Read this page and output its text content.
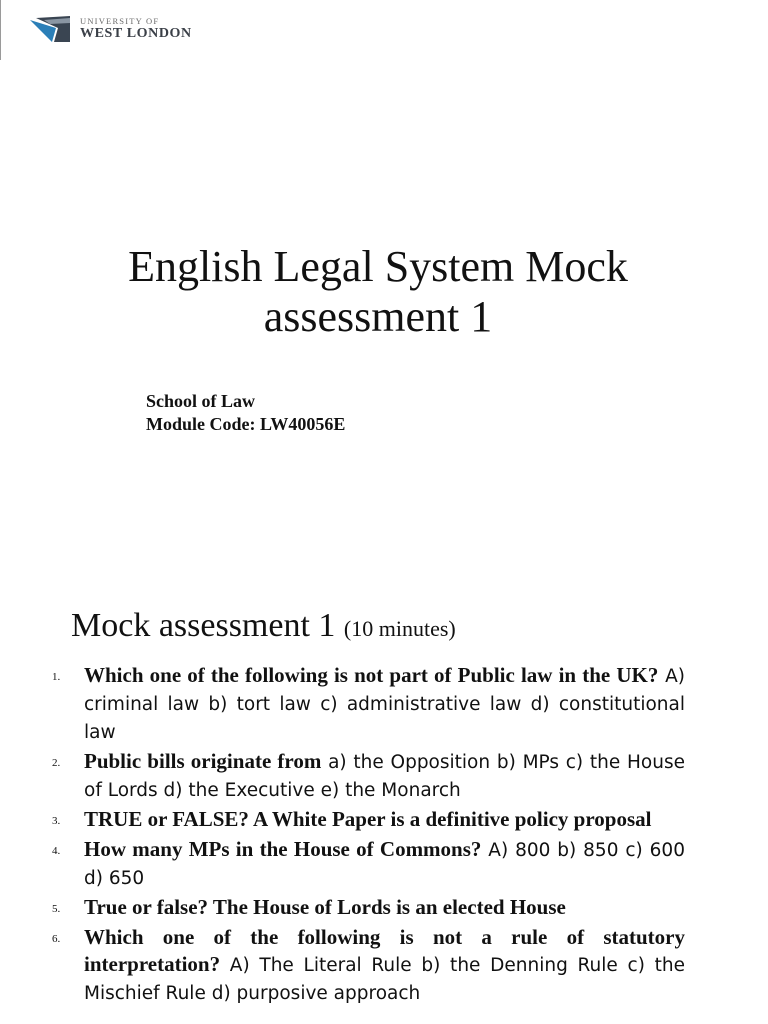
UNIVERSITY OF
WEST LONDON
English Legal System Mock
assessment 1
School of Law
Module Code: LW40056E
Mock assessment 1 (10 minutes)
1.	Which one of the following is not part of Public law in the UK? A) criminal law b) tort law c) administrative law d) constitutional law
2.	Public bills originate from a) the Opposition b) MPs c) the House of Lords d) the Executive e) the Monarch
3.	TRUE or FALSE? A White Paper is a definitive policy proposal
4.	How many MPs in the House of Commons? A) 800 b) 850 c) 600 d) 650
5.	True or false? The House of Lords is an elected House
6.	Which one of the following is not a rule of statutory interpretation? A) The Literal Rule b) the Denning Rule c) the Mischief Rule d) purposive approach
